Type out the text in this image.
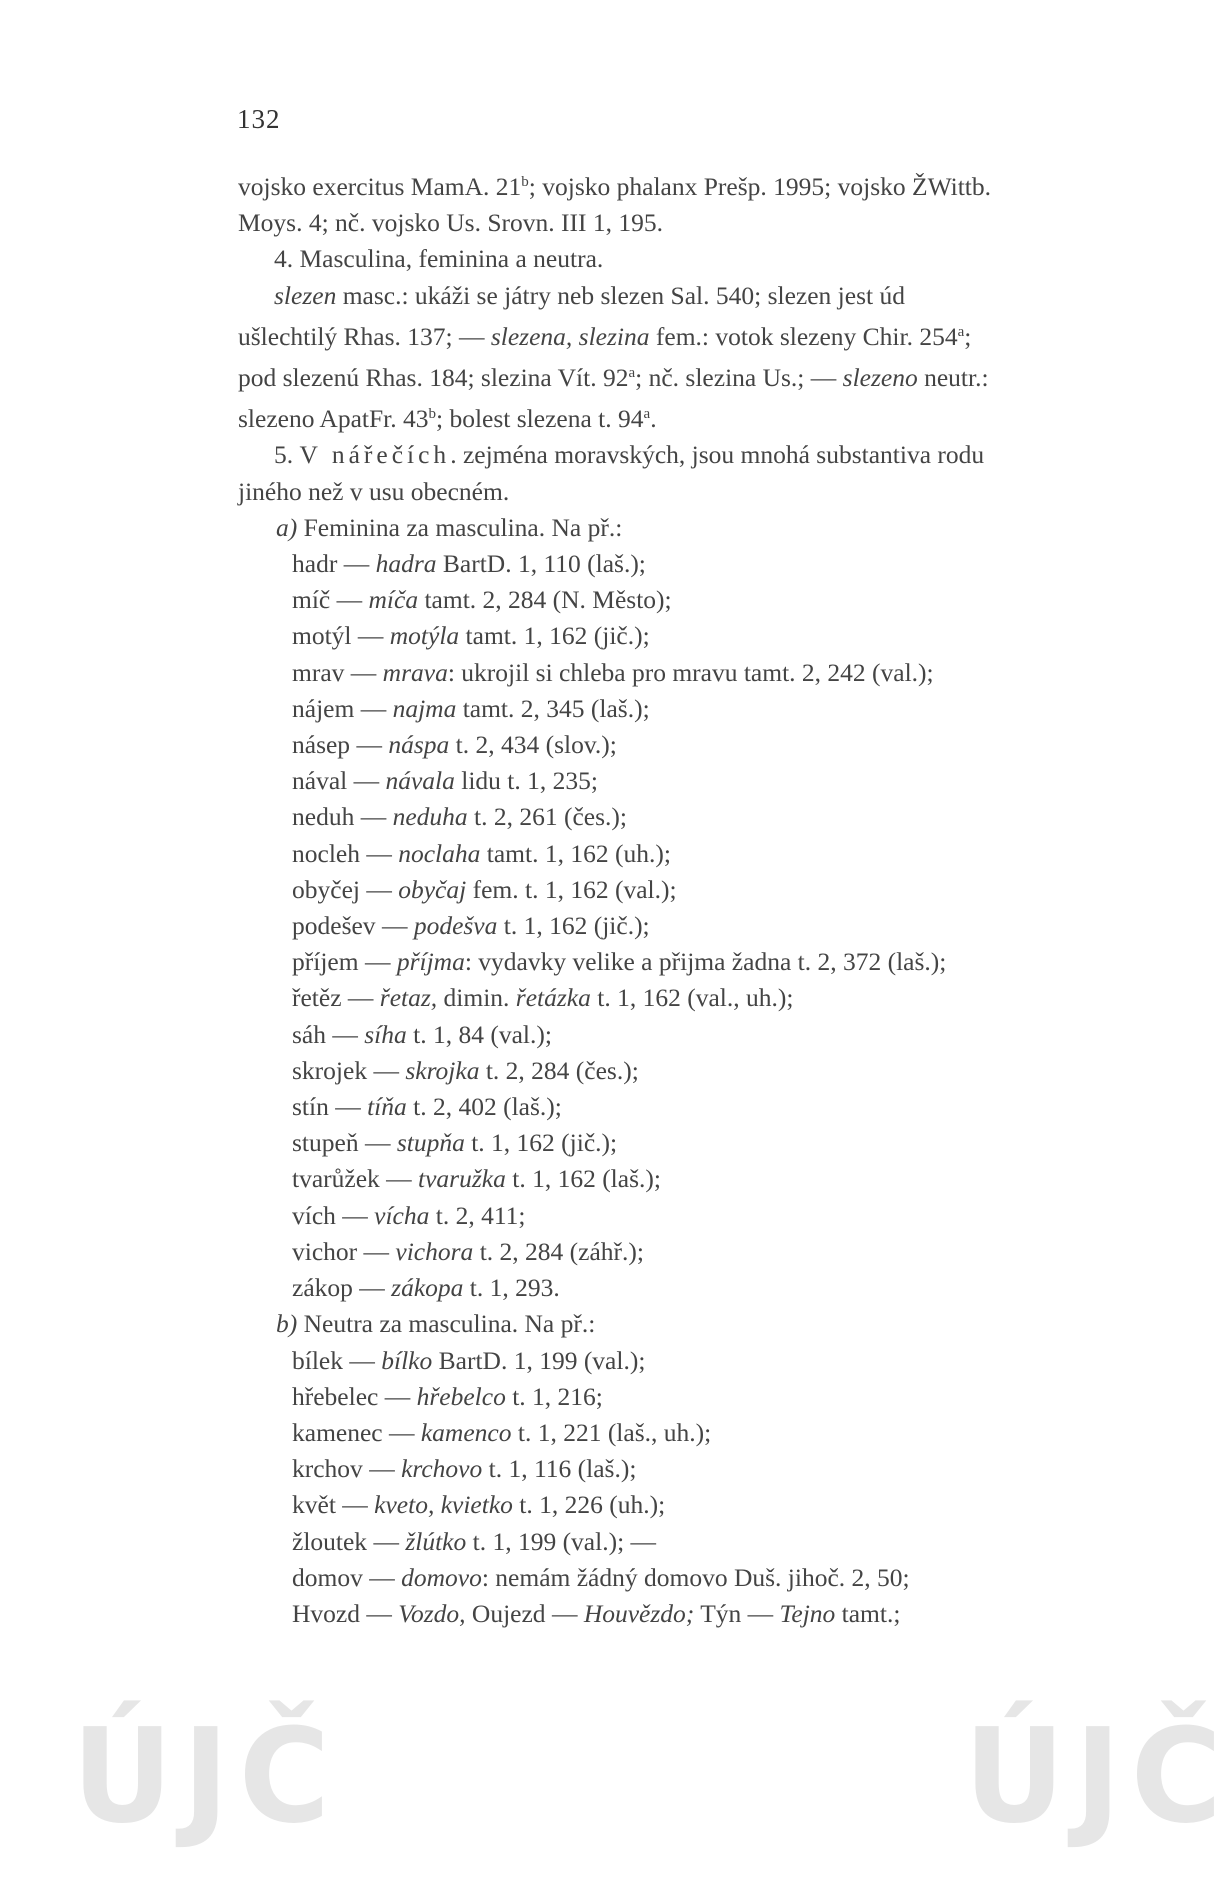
132

vojsko exercitus MamA. 21$^b$; vojsko phalanx Prešp. 1995; vojsko ŽWittb.

Moys. 4; nč. vojsko Us. Srovn. III 1, 195.

4. Masculina, feminina a neutra.

slezen masc.: ukáži se játry neb slezen Sal. 540; slezen jest úd

ušlechtilý Rhas. 137; — slezena, slezina fem.: votok slezeny Chir. 254$^a$;

pod slezenú Rhas. 184; slezina Vít. 92$^a$; nč. slezina Us.; — slezeno neutr.:

slezeno ApatFr. 43$^b$; bolest slezena t. 94$^a$.

5. V nářečích. zejména moravských, jsou mnohá substantiva rodu

jiného než v usu obecném.

a) Feminina za masculina. Na př.:

hadr — hadra BartD. 1, 110 (laš.);

míč — míča tamt. 2, 284 (N. Město);

motýl — motýla tamt. 1, 162 (jič.);

mrav — mrava: ukrojil si chleba pro mravu tamt. 2, 242 (val.);

nájem — najma tamt. 2, 345 (laš.);

násep — náspa t. 2, 434 (slov.);

nával — návala lidu t. 1, 235;

neduh — neduha t. 2, 261 (čes.);

nocleh — noclaha tamt. 1, 162 (uh.);

obyčej — obyčaj fem. t. 1, 162 (val.);

podešev — podešva t. 1, 162 (jič.);

příjem — příjma: vydavky velike a přijma žadna t. 2, 372 (laš.);

řetěz — řetaz, dimin. řetázka t. 1, 162 (val., uh.);

sáh — síha t. 1, 84 (val.);

skrojek — skrojka t. 2, 284 (čes.);

stín — tíňa t. 2, 402 (laš.);

stupeň — stupňa t. 1, 162 (jič.);

tvarůžek — tvaružka t. 1, 162 (laš.);

vích — vícha t. 2, 411;

vichor — vichora t. 2, 284 (záhř.);

zákop — zákopa t. 1, 293.

b) Neutra za masculina. Na př.:

bílek — bílko BartD. 1, 199 (val.);

hřebelec — hřebelco t. 1, 216;

kamenec — kamenco t. 1, 221 (laš., uh.);

krchov — krchovo t. 1, 116 (laš.);

květ — kveto, kvietko t. 1, 226 (uh.);

žloutek — žlútko t. 1, 199 (val.); —

domov — domovo: nemám žádný domovo Duš. jihoč. 2, 50;

Hvozd — Vozdo, Oujezd — Houvězdo; Týn — Tejno tamt.;

ÚJČ	ÚJČ
